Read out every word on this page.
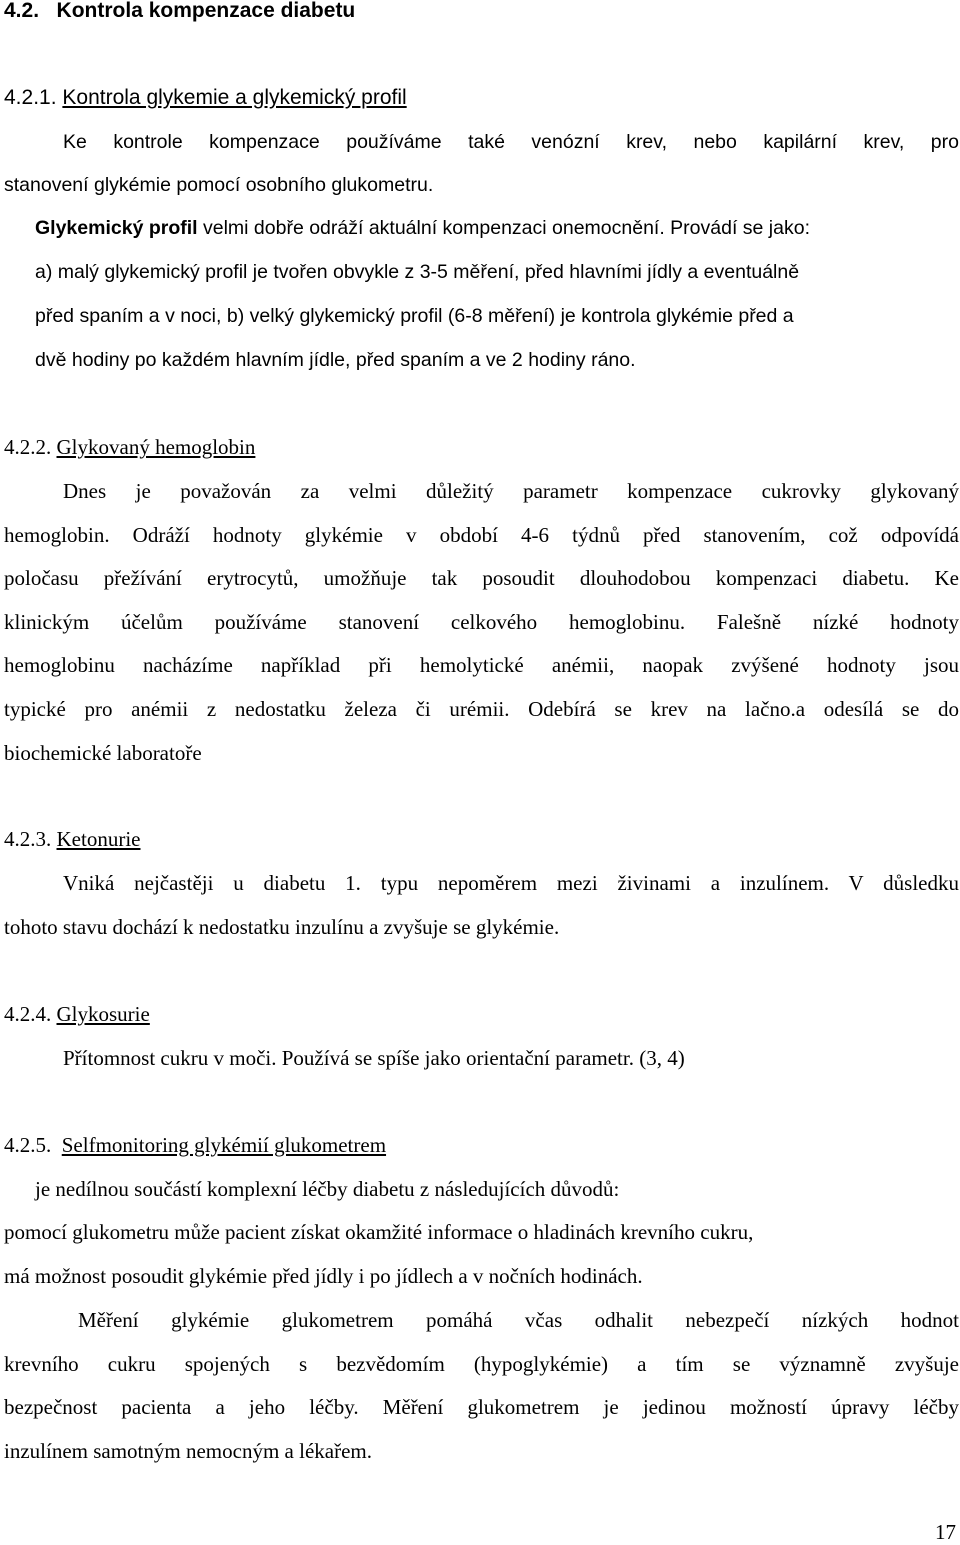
4.2. Kontrola kompenzace diabetu
4.2.1. Kontrola glykemie a glykemický profil

Ke kontrole kompenzace používáme také venózní krev, nebo kapilární krev, pro

stanovení glykémie pomocí osobního glukometru.

Glykemický profil velmi dobře odráží aktuální kompenzaci onemocnění. Provádí se jako:

a) malý glykemický profil je tvořen obvykle z 3-5 měření, před hlavními jídly a eventuálně

před spaním a v noci, b) velký glykemický profil (6-8 měření) je kontrola glykémie před a

dvě hodiny po každém hlavním jídle, před spaním a ve 2 hodiny ráno.

4.2.2. Glykovaný hemoglobin

Dnes je považován za velmi důležitý parametr kompenzace cukrovky glykovaný

hemoglobin. Odráží hodnoty glykémie v období 4-6 týdnů před stanovením, což odpovídá

poločasu přežívání erytrocytů, umožňuje tak posoudit dlouhodobou kompenzaci diabetu. Ke

klinickým účelům používáme stanovení celkového hemoglobinu. Falešně nízké hodnoty

hemoglobinu nacházíme například při hemolytické anémii, naopak zvýšené hodnoty jsou

typické pro anémii z nedostatku železa či urémii. Odebírá se krev na lačno.a odesílá se do

biochemické laboratoře

4.2.3. Ketonurie

Vniká nejčastěji u diabetu 1. typu nepoměrem mezi živinami a inzulínem. V důsledku

tohoto stavu dochází k nedostatku inzulínu a zvyšuje se glykémie.

4.2.4. Glykosurie

Přítomnost cukru v moči. Používá se spíše jako orientační parametr. (3, 4)

4.2.5. Selfmonitoring glykémií glukometrem

je nedílnou součástí komplexní léčby diabetu z následujících důvodů:

pomocí glukometru může pacient získat okamžité informace o hladinách krevního cukru,

má možnost posoudit glykémie před jídly i po jídlech a v nočních hodinách.

Měření glykémie glukometrem pomáhá včas odhalit nebezpečí nízkých hodnot

krevního cukru spojených s bezvědomím (hypoglykémie) a tím se významně zvyšuje

bezpečnost pacienta a jeho léčby. Měření glukometrem je jedinou možností úpravy léčby

inzulínem samotným nemocným a lékařem.

17
